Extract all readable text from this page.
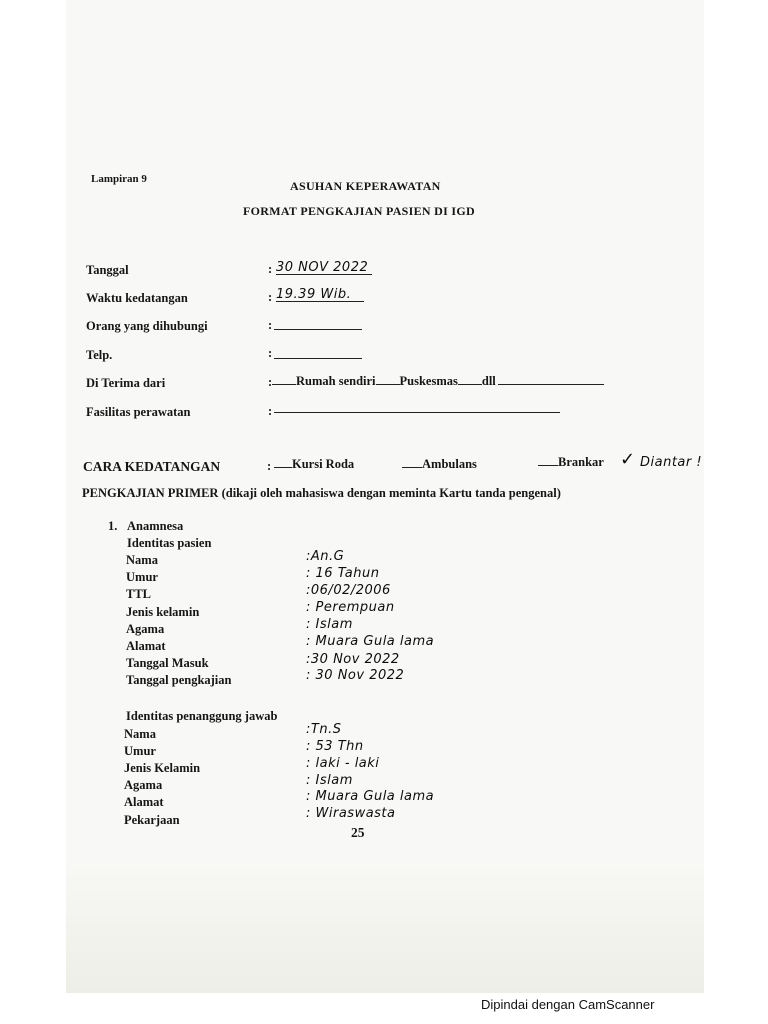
Lampiran 9	ASUHAN KEPERAWATAN
FORMAT PENGKAJIAN PASIEN DI IGD
Tanggal	: 30 NOV 2022
Waktu kedatangan	: 19.39 Wib.
Orang yang dihubungi	:
Telp.	:
Di Terima dari	:	Rumah sendiri Puskesmas dll
Fasilitas perawatan	:
CARA KEDATANGAN	:	Kursi Roda	Ambulans	Brankar ✓ Diantar !
PENGKAJIAN PRIMER (dikaji oleh mahasiswa dengan meminta Kartu tanda pengenal)
1. Anamnesa
Identitas pasien
Nama	:An.G
Umur	: 16 Tahun
TTL	:06/02/2006
Jenis kelamin	: Perempuan
Agama	: Islam
Alamat	: Muara Gula lama
Tanggal Masuk	:30 Nov 2022
Tanggal pengkajian	: 30 Nov 2022
Identitas penanggung jawab
Nama	:Tn.S
Umur	: 53 Thn
Jenis Kelamin	: laki - laki
Agama	: Islam
Alamat	: Muara Gula lama
Pekarjaan	: Wiraswasta
25
Dipindai dengan CamScanner
